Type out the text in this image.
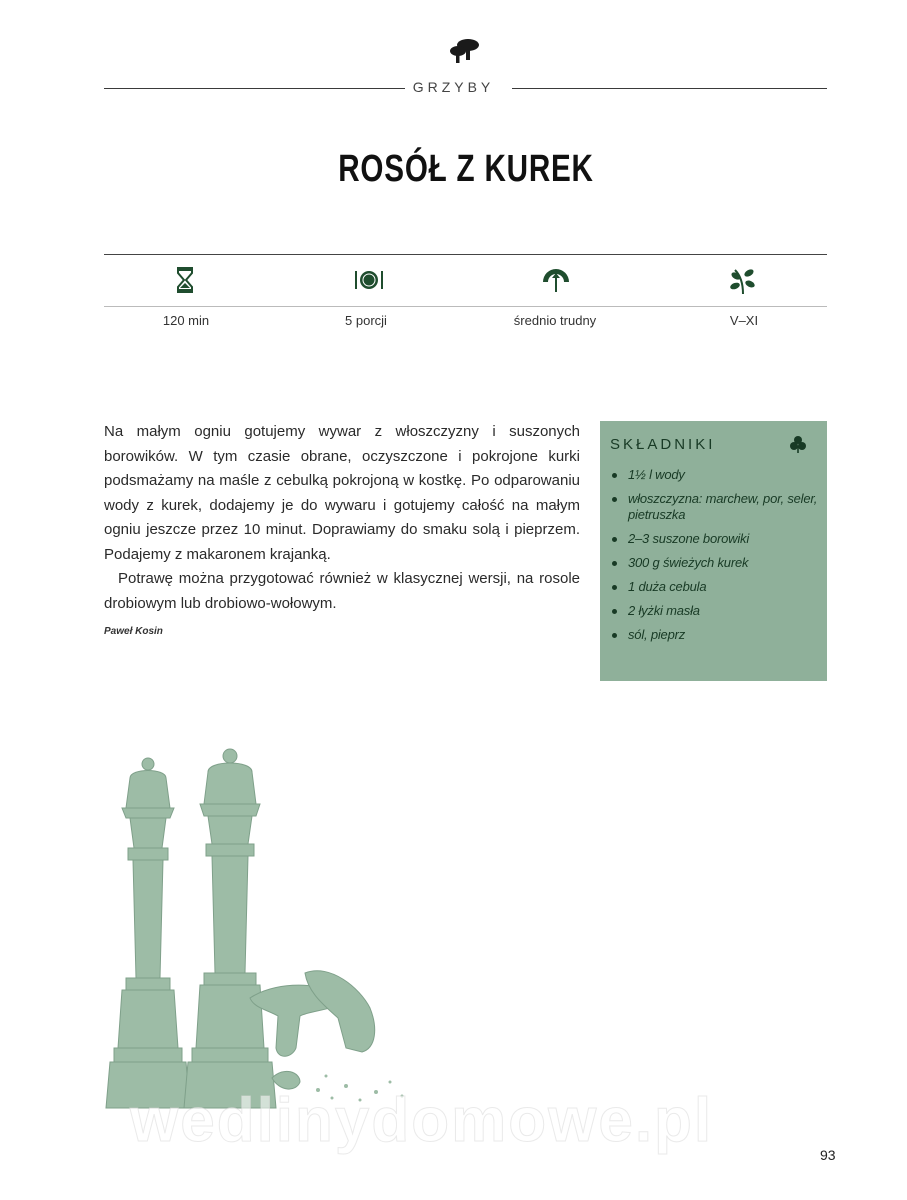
GRZYBY
ROSÓŁ Z KUREK
120 min	5 porcji	średnio trudny	V–XI

Na małym ogniu gotujemy wywar z włoszczyzny i suszonych borowików. W tym czasie obrane, oczyszczone i pokrojone kurki podsmażamy na maśle z cebulką pokrojoną w kostkę. Po odparowaniu wody z kurek, dodajemy je do wywaru i gotujemy całość na małym ogniu jeszcze przez 10 minut. Doprawiamy do smaku solą i pieprzem. Podajemy z makaronem krajanką.

Potrawę można przygotować również w klasycznej wersji, na rosole drobiowym lub drobiowo-wołowym.

Paweł Kosin
SKŁADNIKI
1½ l wody
włoszczyzna: marchew, por, seler, pietruszka
2–3 suszone borowiki
300 g świeżych kurek
1 duża cebula
2 łyżki masła
sól, pieprz
wedlinydomowe.pl	93
